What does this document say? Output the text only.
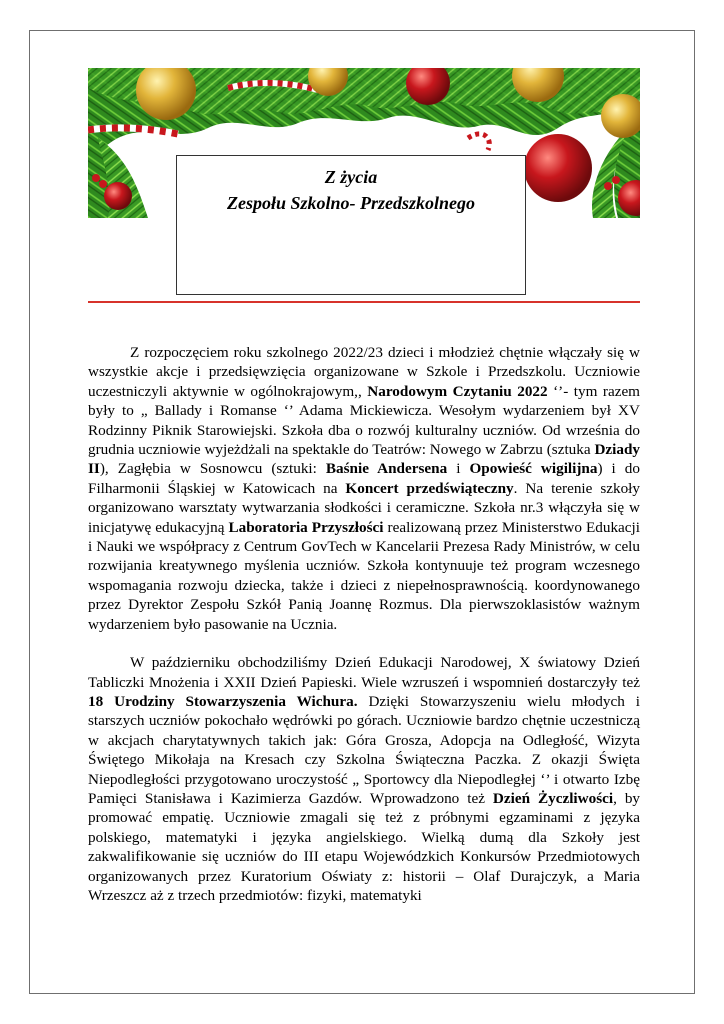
Z życia
Zespołu Szkolno- Przedszkolnego

Z rozpoczęciem roku szkolnego 2022/23 dzieci i młodzież chętnie włączały się w wszystkie akcje i przedsięwzięcia organizowane w Szkole i Przedszkolu. Uczniowie uczestniczyli aktywnie w ogólnokrajowym,, Narodowym Czytaniu 2022 ‘’- tym razem były to „ Ballady i Romanse ‘’ Adama Mickiewicza. Wesołym wydarzeniem był XV Rodzinny Piknik Starowiejski. Szkoła dba o rozwój kulturalny uczniów. Od września do grudnia uczniowie wyjeżdżali na spektakle do Teatrów: Nowego w Zabrzu (sztuka Dziady II), Zagłębia w Sosnowcu (sztuki: Baśnie Andersena i Opowieść wigilijna) i do Filharmonii Śląskiej w Katowicach na Koncert przedświąteczny. Na terenie szkoły organizowano warsztaty wytwarzania słodkości i ceramiczne. Szkoła nr.3 włączyła się w inicjatywę edukacyjną Laboratoria Przyszłości realizowaną przez Ministerstwo Edukacji i Nauki we współpracy z Centrum GovTech w Kancelarii Prezesa Rady Ministrów, w celu rozwijania kreatywnego myślenia uczniów. Szkoła kontynuuje też program wczesnego wspomagania rozwoju dziecka, także i dzieci z niepełnosprawnością. koordynowanego przez Dyrektor Zespołu Szkół Panią Joannę Rozmus. Dla pierwszoklasistów ważnym wydarzeniem było pasowanie na Ucznia.

W październiku obchodziliśmy Dzień Edukacji Narodowej, X światowy Dzień Tabliczki Mnożenia i XXII Dzień Papieski. Wiele wzruszeń i wspomnień dostarczyły też 18 Urodziny Stowarzyszenia Wichura. Dzięki Stowarzyszeniu wielu młodych i starszych uczniów pokochało wędrówki po górach. Uczniowie bardzo chętnie uczestniczą w akcjach charytatywnych takich jak: Góra Grosza, Adopcja na Odległość, Wizyta Świętego Mikołaja na Kresach czy Szkolna Świąteczna Paczka. Z okazji Święta Niepodległości przygotowano uroczystość „ Sportowcy dla Niepodległej ‘’ i otwarto Izbę Pamięci Stanisława i Kazimierza Gazdów. Wprowadzono też Dzień Życzliwości, by promować empatię. Uczniowie zmagali się też z próbnymi egzaminami z języka polskiego, matematyki i języka angielskiego. Wielką dumą dla Szkoły jest zakwalifikowanie się uczniów do III etapu Wojewódzkich Konkursów Przedmiotowych organizowanych przez Kuratorium Oświaty z: historii – Olaf Durajczyk, a Maria Wrzeszcz aż z trzech przedmiotów: fizyki, matematyki
